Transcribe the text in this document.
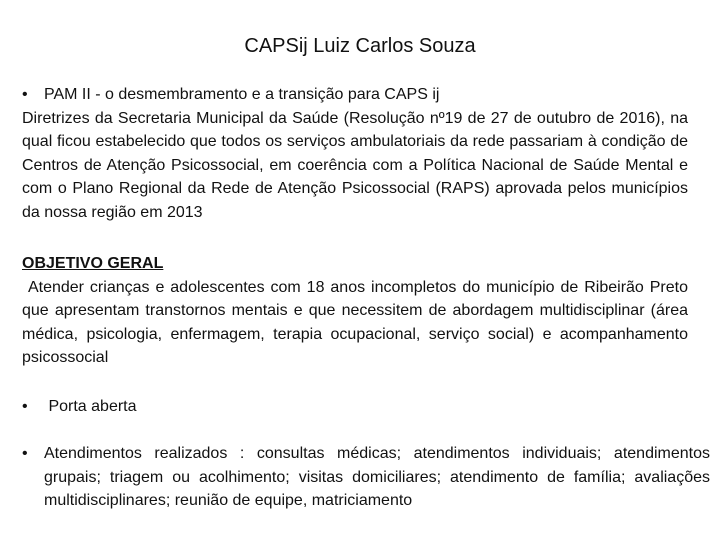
CAPSij Luiz Carlos Souza
• PAM II - o desmembramento e a transição para CAPS ij
Diretrizes da Secretaria Municipal da Saúde (Resolução nº19 de 27 de outubro de 2016), na qual ficou estabelecido que todos os serviços ambulatoriais da rede passariam à condição de Centros de Atenção Psicossocial, em coerência com a Política Nacional de Saúde Mental e com o Plano Regional da Rede de Atenção Psicossocial (RAPS) aprovada pelos municípios da nossa região em 2013
OBJETIVO GERAL
Atender crianças e adolescentes com 18 anos incompletos do município de Ribeirão Preto que apresentam transtornos mentais e que necessitem de abordagem multidisciplinar (área médica, psicologia, enfermagem, terapia ocupacional, serviço social) e acompanhamento psicossocial
• Porta aberta
• Atendimentos realizados : consultas médicas; atendimentos individuais; atendimentos grupais; triagem ou acolhimento; visitas domiciliares; atendimento de família; avaliações multidisciplinares; reunião de equipe, matriciamento
